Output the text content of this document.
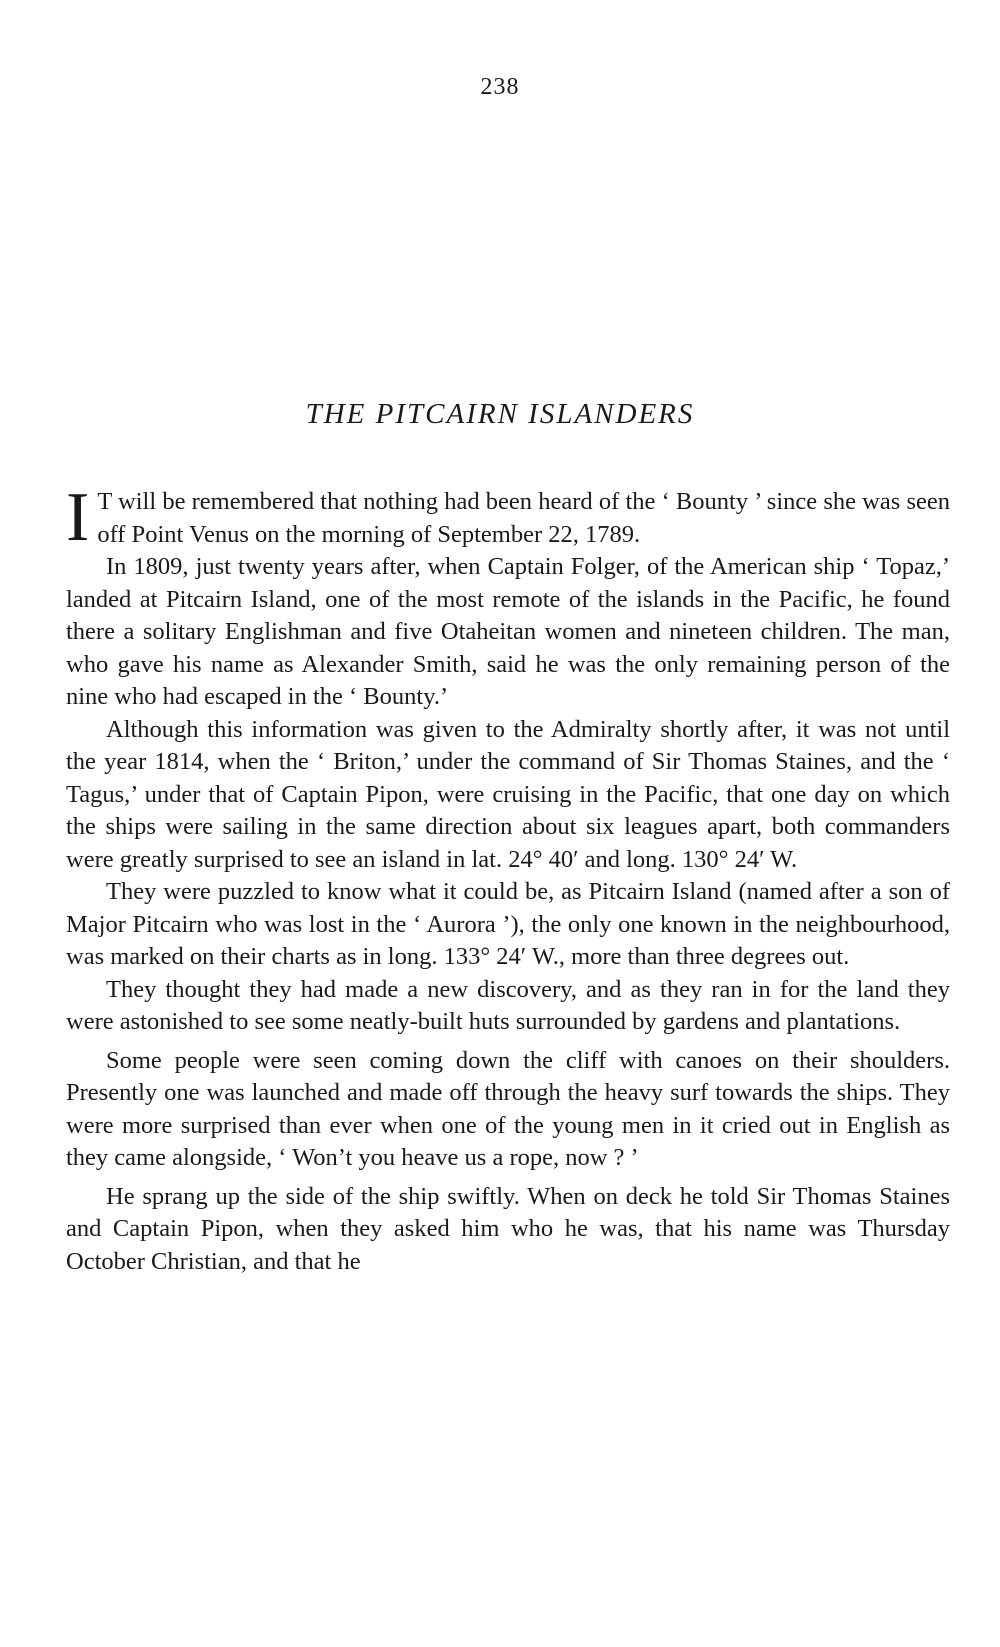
238
THE PITCAIRN ISLANDERS

I T will be remembered that nothing had been heard of the ‘ Bounty ’ since she was seen off Point Venus on the morning of September 22, 1789.

In 1809, just twenty years after, when Captain Folger, of the American ship ‘ Topaz,’ landed at Pitcairn Island, one of the most remote of the islands in the Pacific, he found there a solitary Englishman and five Otaheitan women and nineteen children. The man, who gave his name as Alexander Smith, said he was the only remaining person of the nine who had escaped in the ‘ Bounty.’

Although this information was given to the Admiralty shortly after, it was not until the year 1814, when the ‘ Briton,’ under the command of Sir Thomas Staines, and the ‘ Tagus,’ under that of Captain Pipon, were cruising in the Pacific, that one day on which the ships were sailing in the same direction about six leagues apart, both commanders were greatly surprised to see an island in lat. 24° 40′ and long. 130° 24′ W.

They were puzzled to know what it could be, as Pitcairn Island (named after a son of Major Pitcairn who was lost in the ‘ Aurora ’), the only one known in the neighbourhood, was marked on their charts as in long. 133° 24′ W., more than three degrees out.

They thought they had made a new discovery, and as they ran in for the land they were astonished to see some neatly-built huts surrounded by gardens and plantations.

Some people were seen coming down the cliff with canoes on their shoulders. Presently one was launched and made off through the heavy surf towards the ships. They were more surprised than ever when one of the young men in it cried out in English as they came alongside, ‘ Won’t you heave us a rope, now ? ’

He sprang up the side of the ship swiftly. When on deck he told Sir Thomas Staines and Captain Pipon, when they asked him who he was, that his name was Thursday October Christian, and that he
